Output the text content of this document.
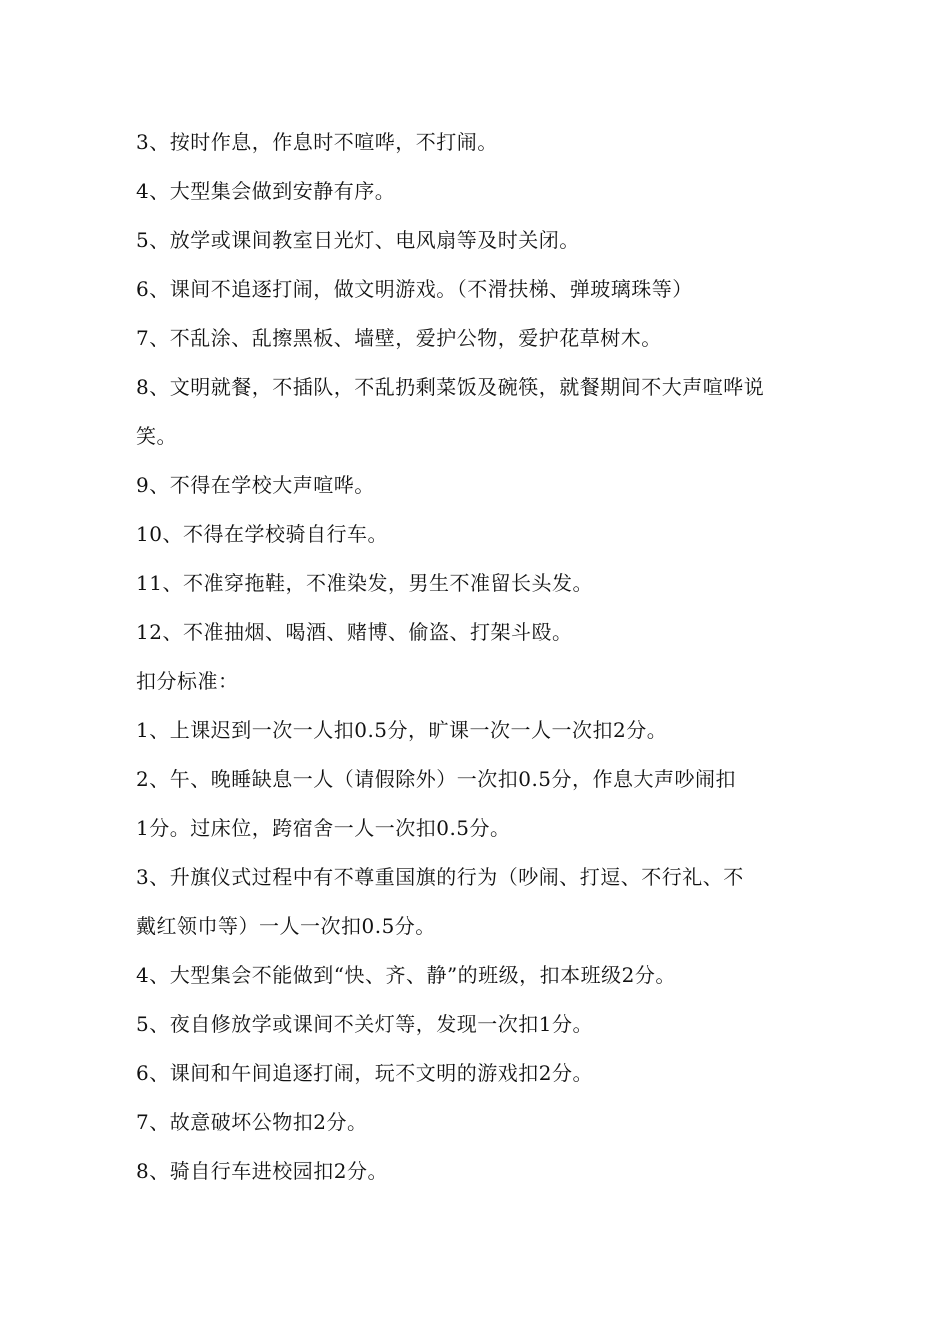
3、按时作息，作息时不喧哗，不打闹。
4、大型集会做到安静有序。
5、放学或课间教室日光灯、电风扇等及时关闭。
6、课间不追逐打闹，做文明游戏。（不滑扶梯、弹玻璃珠等）
7、不乱涂、乱擦黑板、墙壁，爱护公物，爱护花草树木。
8、文明就餐，不插队，不乱扔剩菜饭及碗筷，就餐期间不大声喧哗说
笑。
9、不得在学校大声喧哗。
10、不得在学校骑自行车。
11、不准穿拖鞋，不准染发，男生不准留长头发。
12、不准抽烟、喝酒、赌博、偷盗、打架斗殴。
扣分标准：
1、上课迟到一次一人扣0.5分，旷课一次一人一次扣2分。
2、午、晚睡缺息一人（请假除外）一次扣0.5分，作息大声吵闹扣
1分。过床位，跨宿舍一人一次扣0.5分。
3、升旗仪式过程中有不尊重国旗的行为（吵闹、打逗、不行礼、不
戴红领巾等）一人一次扣0.5分。
4、大型集会不能做到“快、齐、静”的班级，扣本班级2分。
5、夜自修放学或课间不关灯等，发现一次扣1分。
6、课间和午间追逐打闹，玩不文明的游戏扣2分。
7、故意破坏公物扣2分。
8、骑自行车进校园扣2分。
